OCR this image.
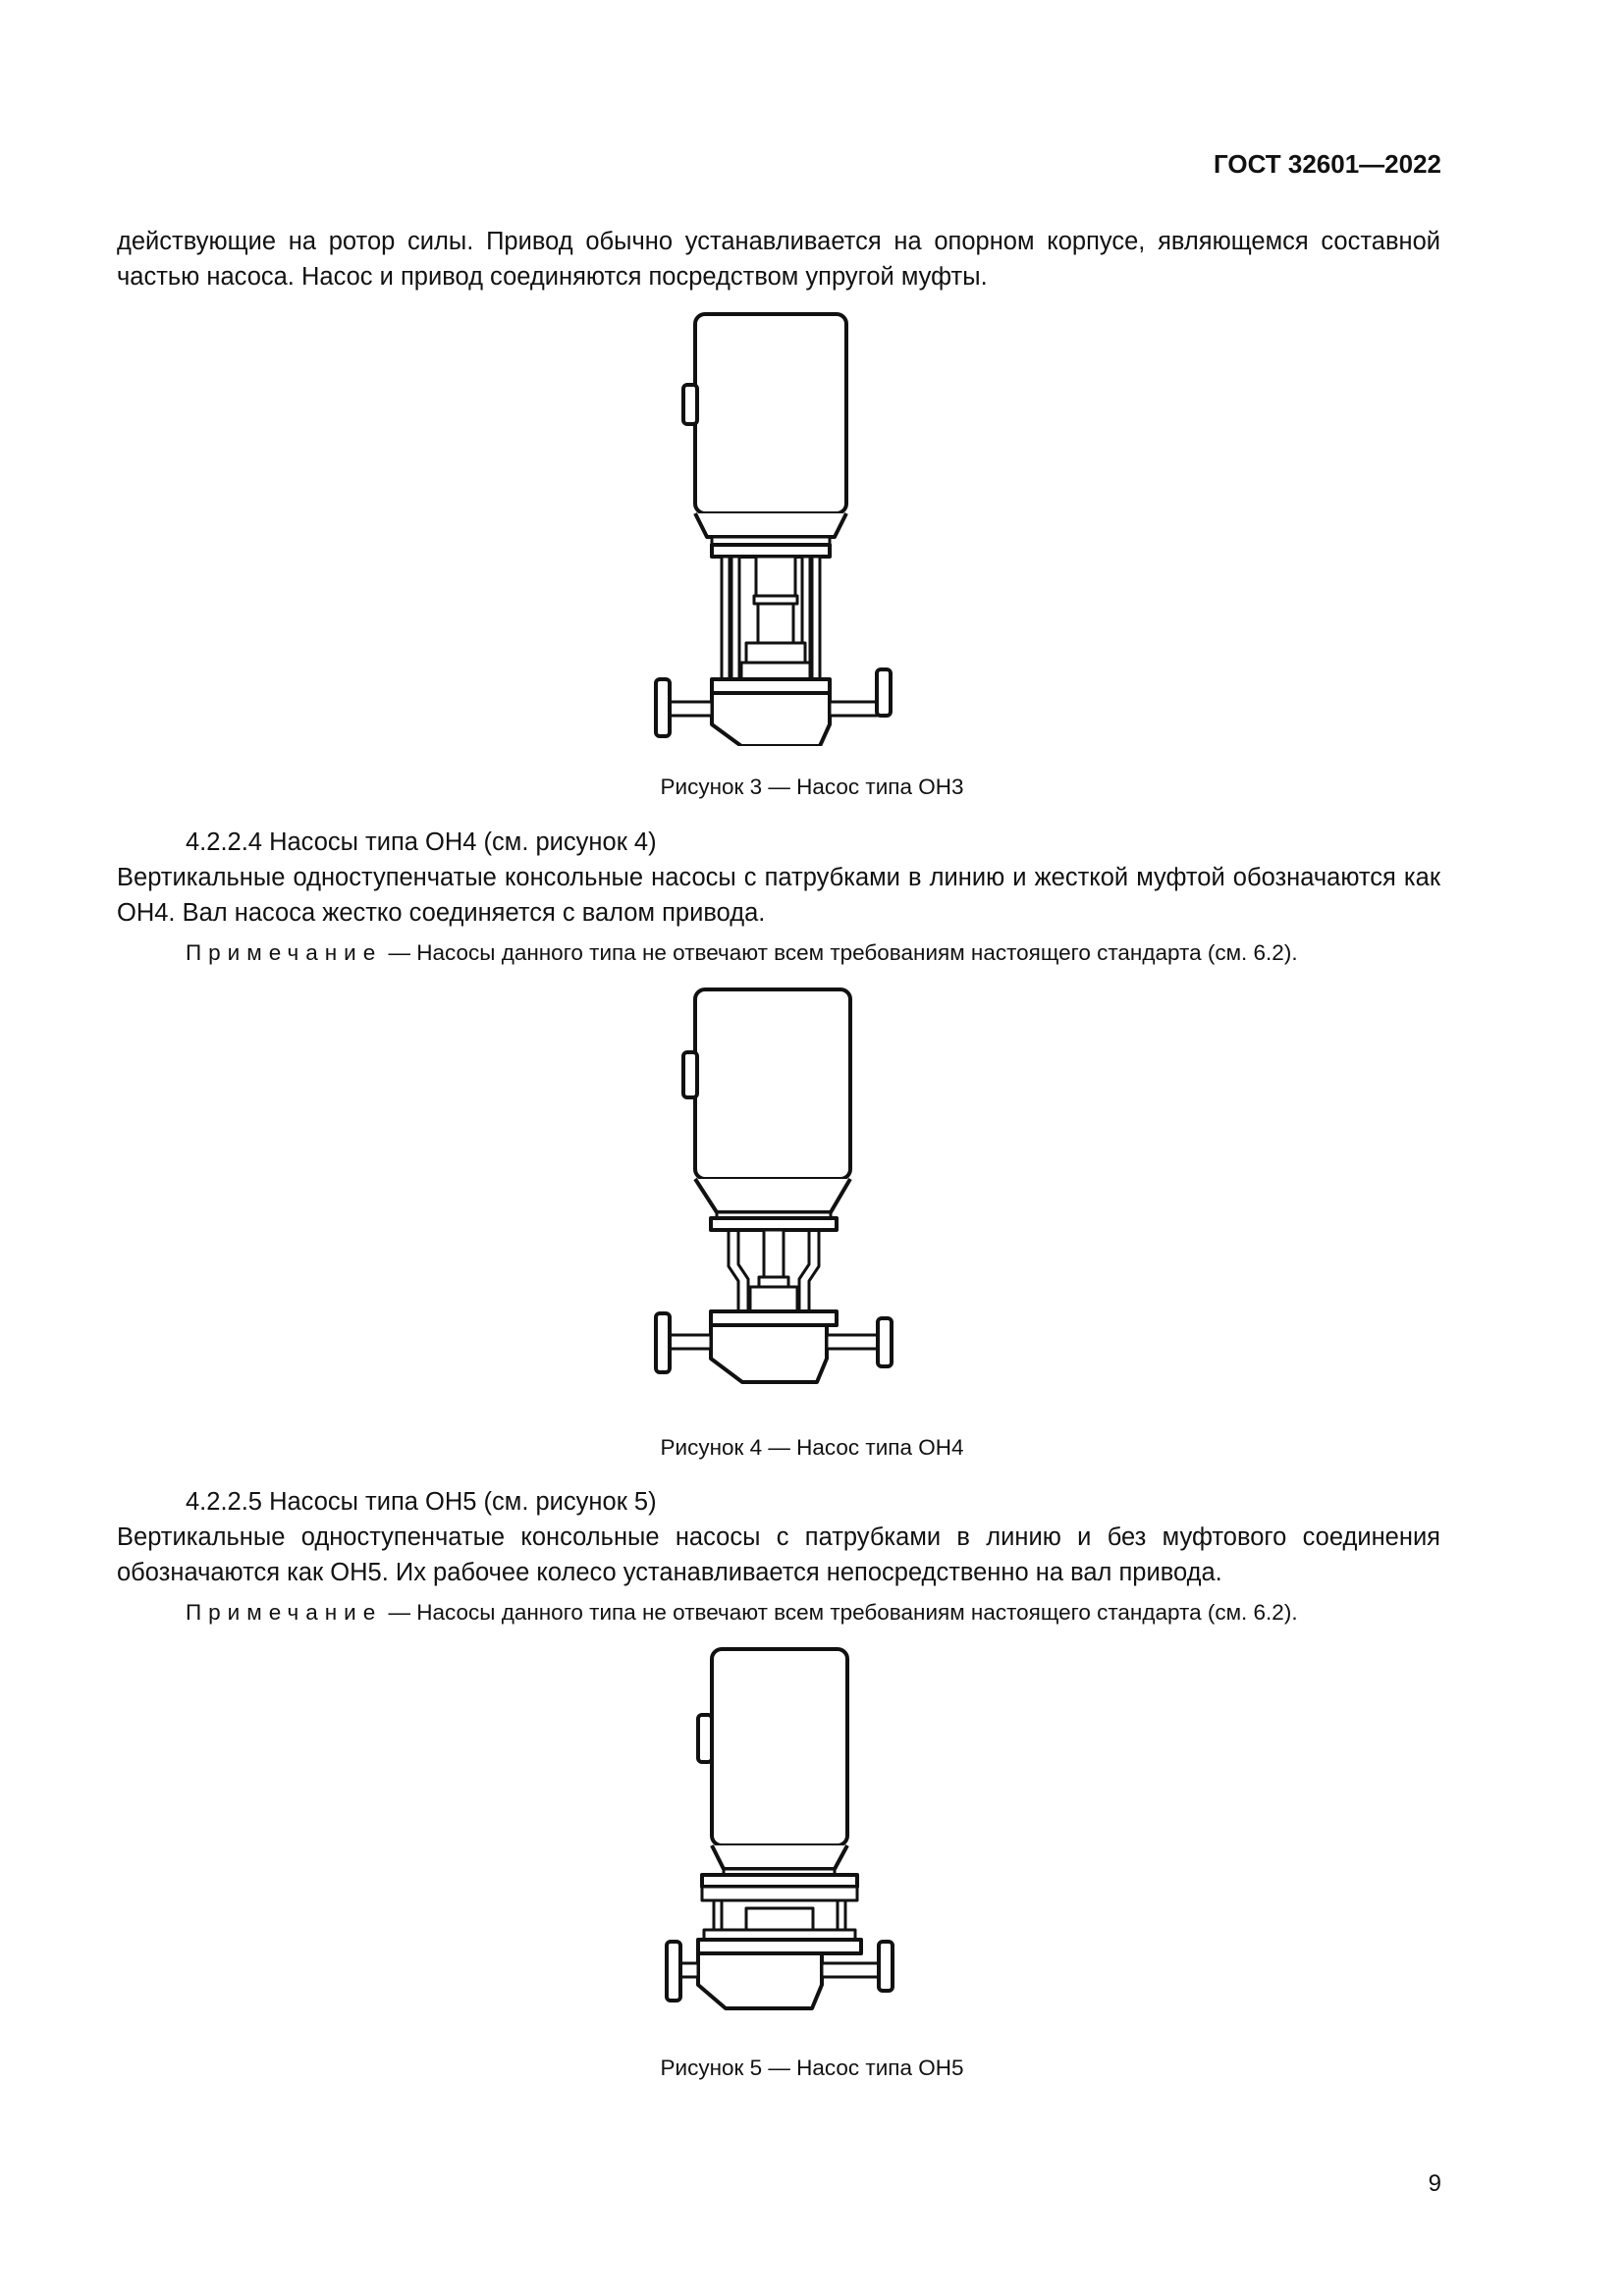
ГОСТ 32601—2022

действующие на ротор силы. Привод обычно устанавливается на опорном корпусе, являющемся составной частью насоса. Насос и привод соединяются посредством упругой муфты.

Рисунок 3 — Насос типа OH3
4.2.2.4 Насосы типа OH4 (см. рисунок 4)

Вертикальные одноступенчатые консольные насосы с патрубками в линию и жесткой муфтой обозначаются как OH4. Вал насоса жестко соединяется с валом привода.

Примечание — Насосы данного типа не отвечают всем требованиям настоящего стандарта (см. 6.2).
Рисунок 4 — Насос типа OH4
4.2.2.5 Насосы типа OH5 (см. рисунок 5)

Вертикальные одноступенчатые консольные насосы с патрубками в линию и без муфтового соединения обозначаются как OH5. Их рабочее колесо устанавливается непосредственно на вал привода.

Примечание — Насосы данного типа не отвечают всем требованиям настоящего стандарта (см. 6.2).
Рисунок 5 — Насос типа OH5
9
